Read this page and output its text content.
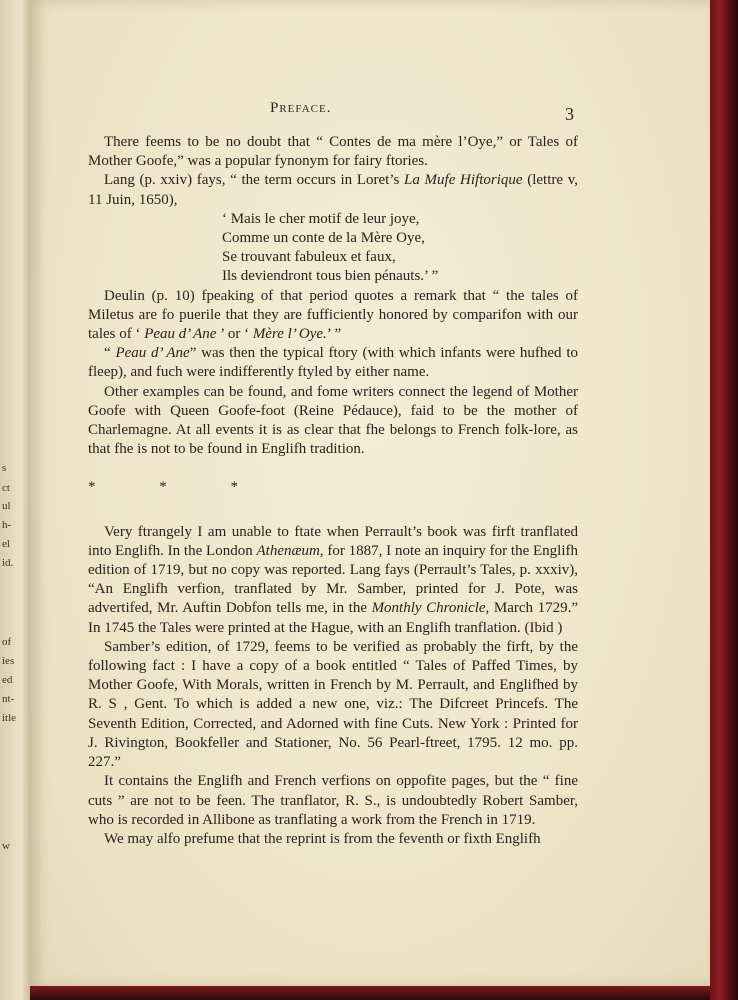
s
ct
ul
h-
el
id.
of
ies
ed
nt-
itle
w
Preface.	3

There feems to be no doubt that “ Contes de ma mère l’Oye,” or Tales of Mother Goofe,” was a popular fynonym for fairy ftories.

Lang (p. xxiv) fays, “ the term occurs in Loret’s La Mufe Hiftorique (lettre v, 11 Juin, 1650),

‘ Mais le cher motif de leur joye,

Comme un conte de la Mère Oye,

Se trouvant fabuleux et faux,

Ils deviendront tous bien pénauts.’ ”

Deulin (p. 10) fpeaking of that period quotes a remark that “ the tales of Miletus are fo puerile that they are fufficiently honored by comparifon with our tales of ‘ Peau d’ Ane ’ or ‘ Mère l’ Oye.’ ”

“ Peau d’ Ane” was then the typical ftory (with which infants were hufhed to fleep), and fuch were indifferently ftyled by either name.

Other examples can be found, and fome writers connect the legend of Mother Goofe with Queen Goofe-foot (Reine Pédauce), faid to be the mother of Charlemagne. At all events it is as clear that fhe belongs to French folk-lore, as that fhe is not to be found in Englifh tradition.

* * *

Very ftrangely I am unable to ftate when Perrault’s book was firft tranflated into Englifh. In the London Athenæum, for 1887, I note an inquiry for the Englifh edition of 1719, but no copy was reported. Lang fays (Perrault’s Tales, p. xxxiv), “An Englifh verfion, tranflated by Mr. Samber, printed for J. Pote, was advertifed, Mr. Auftin Dobfon tells me, in the Monthly Chronicle, March 1729.” In 1745 the Tales were printed at the Hague, with an Englifh tranflation. (Ibid )

Samber’s edition, of 1729, feems to be verified as probably the firft, by the following fact : I have a copy of a book entitled “ Tales of Paffed Times, by Mother Goofe, With Morals, written in French by M. Perrault, and Englifhed by R. S , Gent. To which is added a new one, viz.: The Difcreet Princefs. The Seventh Edition, Corrected, and Adorned with fine Cuts. New York : Printed for J. Rivington, Bookfeller and Stationer, No. 56 Pearl-ftreet, 1795. 12 mo. pp. 227.”

It contains the Englifh and French verfions on oppofite pages, but the “ fine cuts ” are not to be feen. The tranflator, R. S., is undoubtedly Robert Samber, who is recorded in Allibone as tranflating a work from the French in 1719.

We may alfo prefume that the reprint is from the feventh or fixth Englifh
